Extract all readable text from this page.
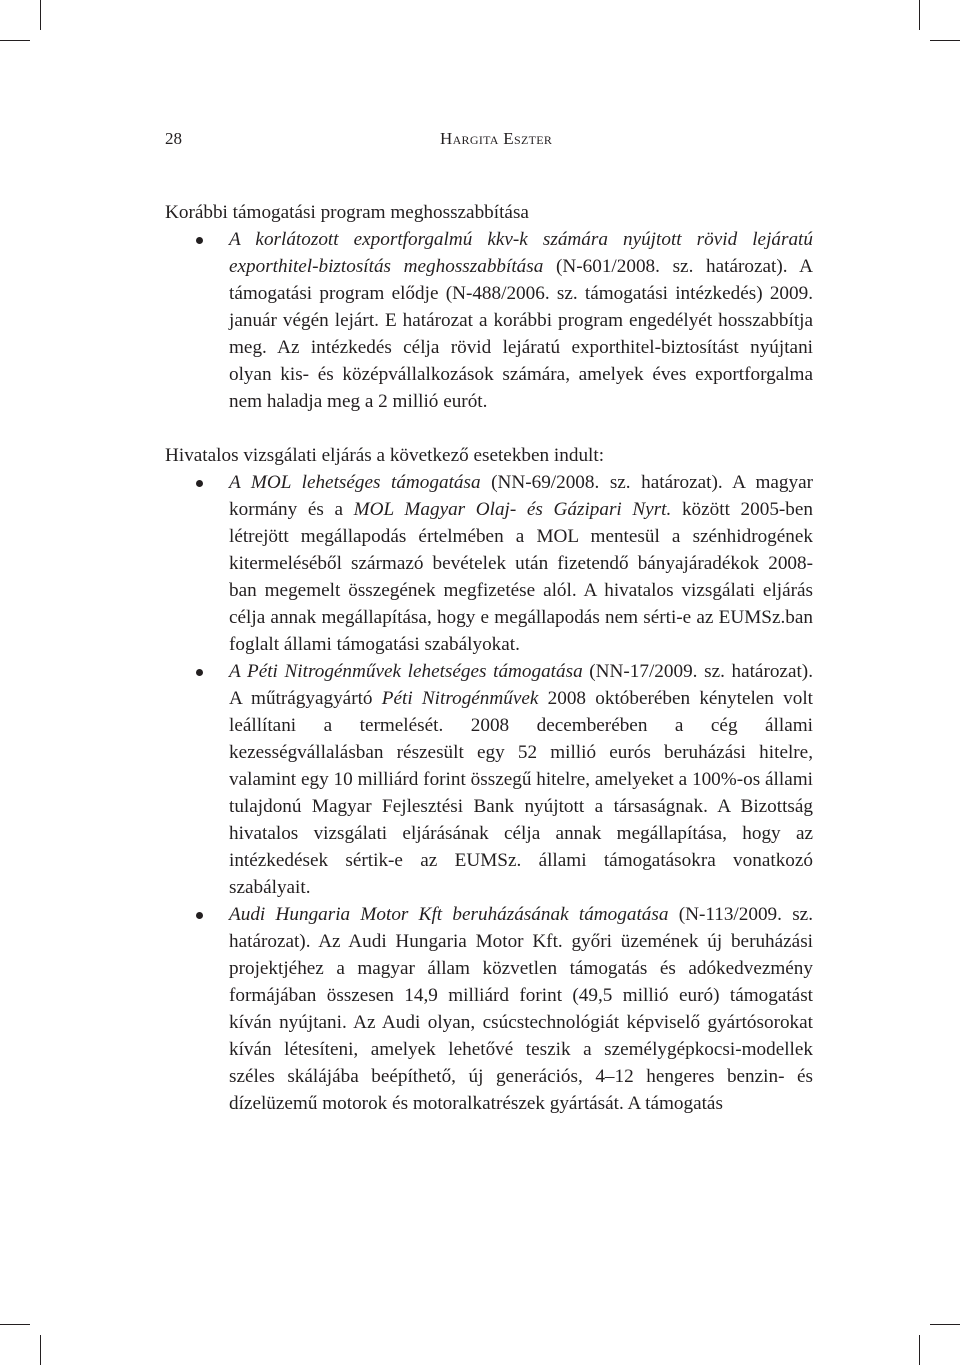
28	Hargita Eszter

Korábbi támogatási program meghosszabbítása

A korlátozott exportforgalmú kkv-k számára nyújtott rövid lejáratú exporthitel-biztosítás meghosszabbítása (N-601/2008. sz. határozat). A támogatási program elődje (N-488/2006. sz. támogatási intézkedés) 2009. január végén lejárt. E határozat a korábbi program engedélyét hosszabbítja meg. Az intézkedés célja rövid lejáratú exporthitel-biztosítást nyújtani olyan kis- és középvállalkozások számára, amelyek éves exportforgalma nem haladja meg a 2 millió eurót.

Hivatalos vizsgálati eljárás a következő esetekben indult:

A MOL lehetséges támogatása (NN-69/2008. sz. határozat). A magyar kormány és a MOL Magyar Olaj- és Gázipari Nyrt. között 2005-ben létrejött megállapodás értelmében a MOL mentesül a szénhidrogének kitermeléséből származó bevételek után fizetendő bányajáradékok 2008-ban megemelt összegének megfizetése alól. A hivatalos vizsgálati eljárás célja annak megállapítása, hogy e megállapodás nem sérti-e az EUMSz.ban foglalt állami támogatási szabályokat.
A Péti Nitrogénművek lehetséges támogatása (NN-17/2009. sz. határozat). A műtrágyagyártó Péti Nitrogénművek 2008 októberében kénytelen volt leállítani a termelését. 2008 decemberében a cég állami kezességvállalásban részesült egy 52 millió eurós beruházási hitelre, valamint egy 10 milliárd forint összegű hitelre, amelyeket a 100%-os állami tulajdonú Magyar Fejlesztési Bank nyújtott a társaságnak. A Bizottság hivatalos vizsgálati eljárásának célja annak megállapítása, hogy az intézkedések sértik-e az EUMSz. állami támogatásokra vonatkozó szabályait.
Audi Hungaria Motor Kft beruházásának támogatása (N-113/2009. sz. határozat). Az Audi Hungaria Motor Kft. győri üzemének új beruházási projektjéhez a magyar állam közvetlen támogatás és adókedvezmény formájában összesen 14,9 milliárd forint (49,5 millió euró) támogatást kíván nyújtani. Az Audi olyan, csúcstechnológiát képviselő gyártósorokat kíván létesíteni, amelyek lehetővé teszik a személygépkocsi-modellek széles skálájába beépíthető, új generációs, 4–12 hengeres benzin- és dízelüzemű motorok és motoralkatrészek gyártását. A támogatás
